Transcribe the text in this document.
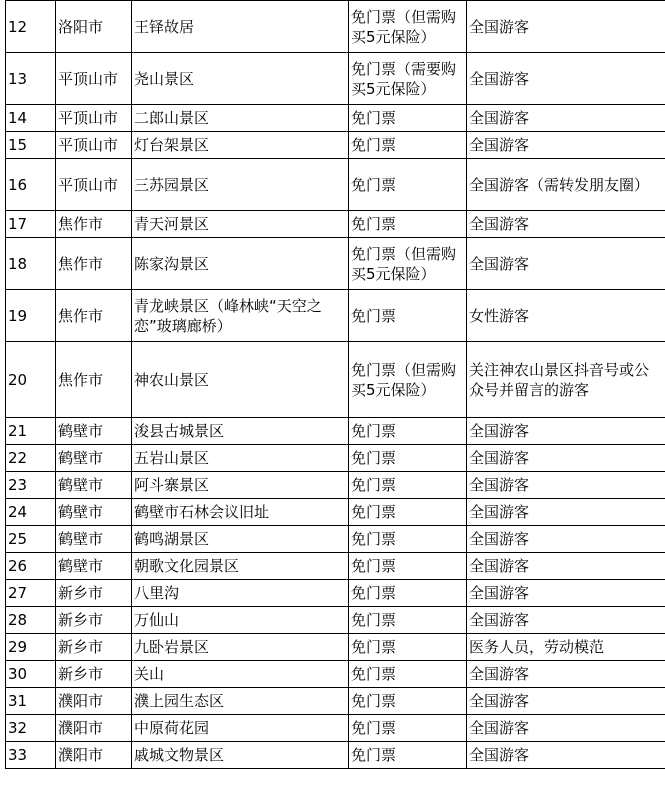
12	洛阳市	王铎故居	免门票（但需购买5元保险）	全国游客
13	平顶山市	尧山景区	免门票（需要购买5元保险）	全国游客
14	平顶山市	二郎山景区	免门票	全国游客
15	平顶山市	灯台架景区	免门票	全国游客
16	平顶山市	三苏园景区	免门票	全国游客（需转发朋友圈）
17	焦作市	青天河景区	免门票	全国游客
18	焦作市	陈家沟景区	免门票（但需购买5元保险）	全国游客
19	焦作市	青龙峡景区（峰林峡“天空之恋”玻璃廊桥）	免门票	女性游客
20	焦作市	神农山景区	免门票（但需购买5元保险）	关注神农山景区抖音号或公众号并留言的游客
21	鹤壁市	浚县古城景区	免门票	全国游客
22	鹤壁市	五岩山景区	免门票	全国游客
23	鹤壁市	阿斗寨景区	免门票	全国游客
24	鹤壁市	鹤壁市石林会议旧址	免门票	全国游客
25	鹤壁市	鹤鸣湖景区	免门票	全国游客
26	鹤壁市	朝歌文化园景区	免门票	全国游客
27	新乡市	八里沟	免门票	全国游客
28	新乡市	万仙山	免门票	全国游客
29	新乡市	九卧岩景区	免门票	医务人员，劳动模范
30	新乡市	关山	免门票	全国游客
31	濮阳市	濮上园生态区	免门票	全国游客
32	濮阳市	中原荷花园	免门票	全国游客
33	濮阳市	戚城文物景区	免门票	全国游客
